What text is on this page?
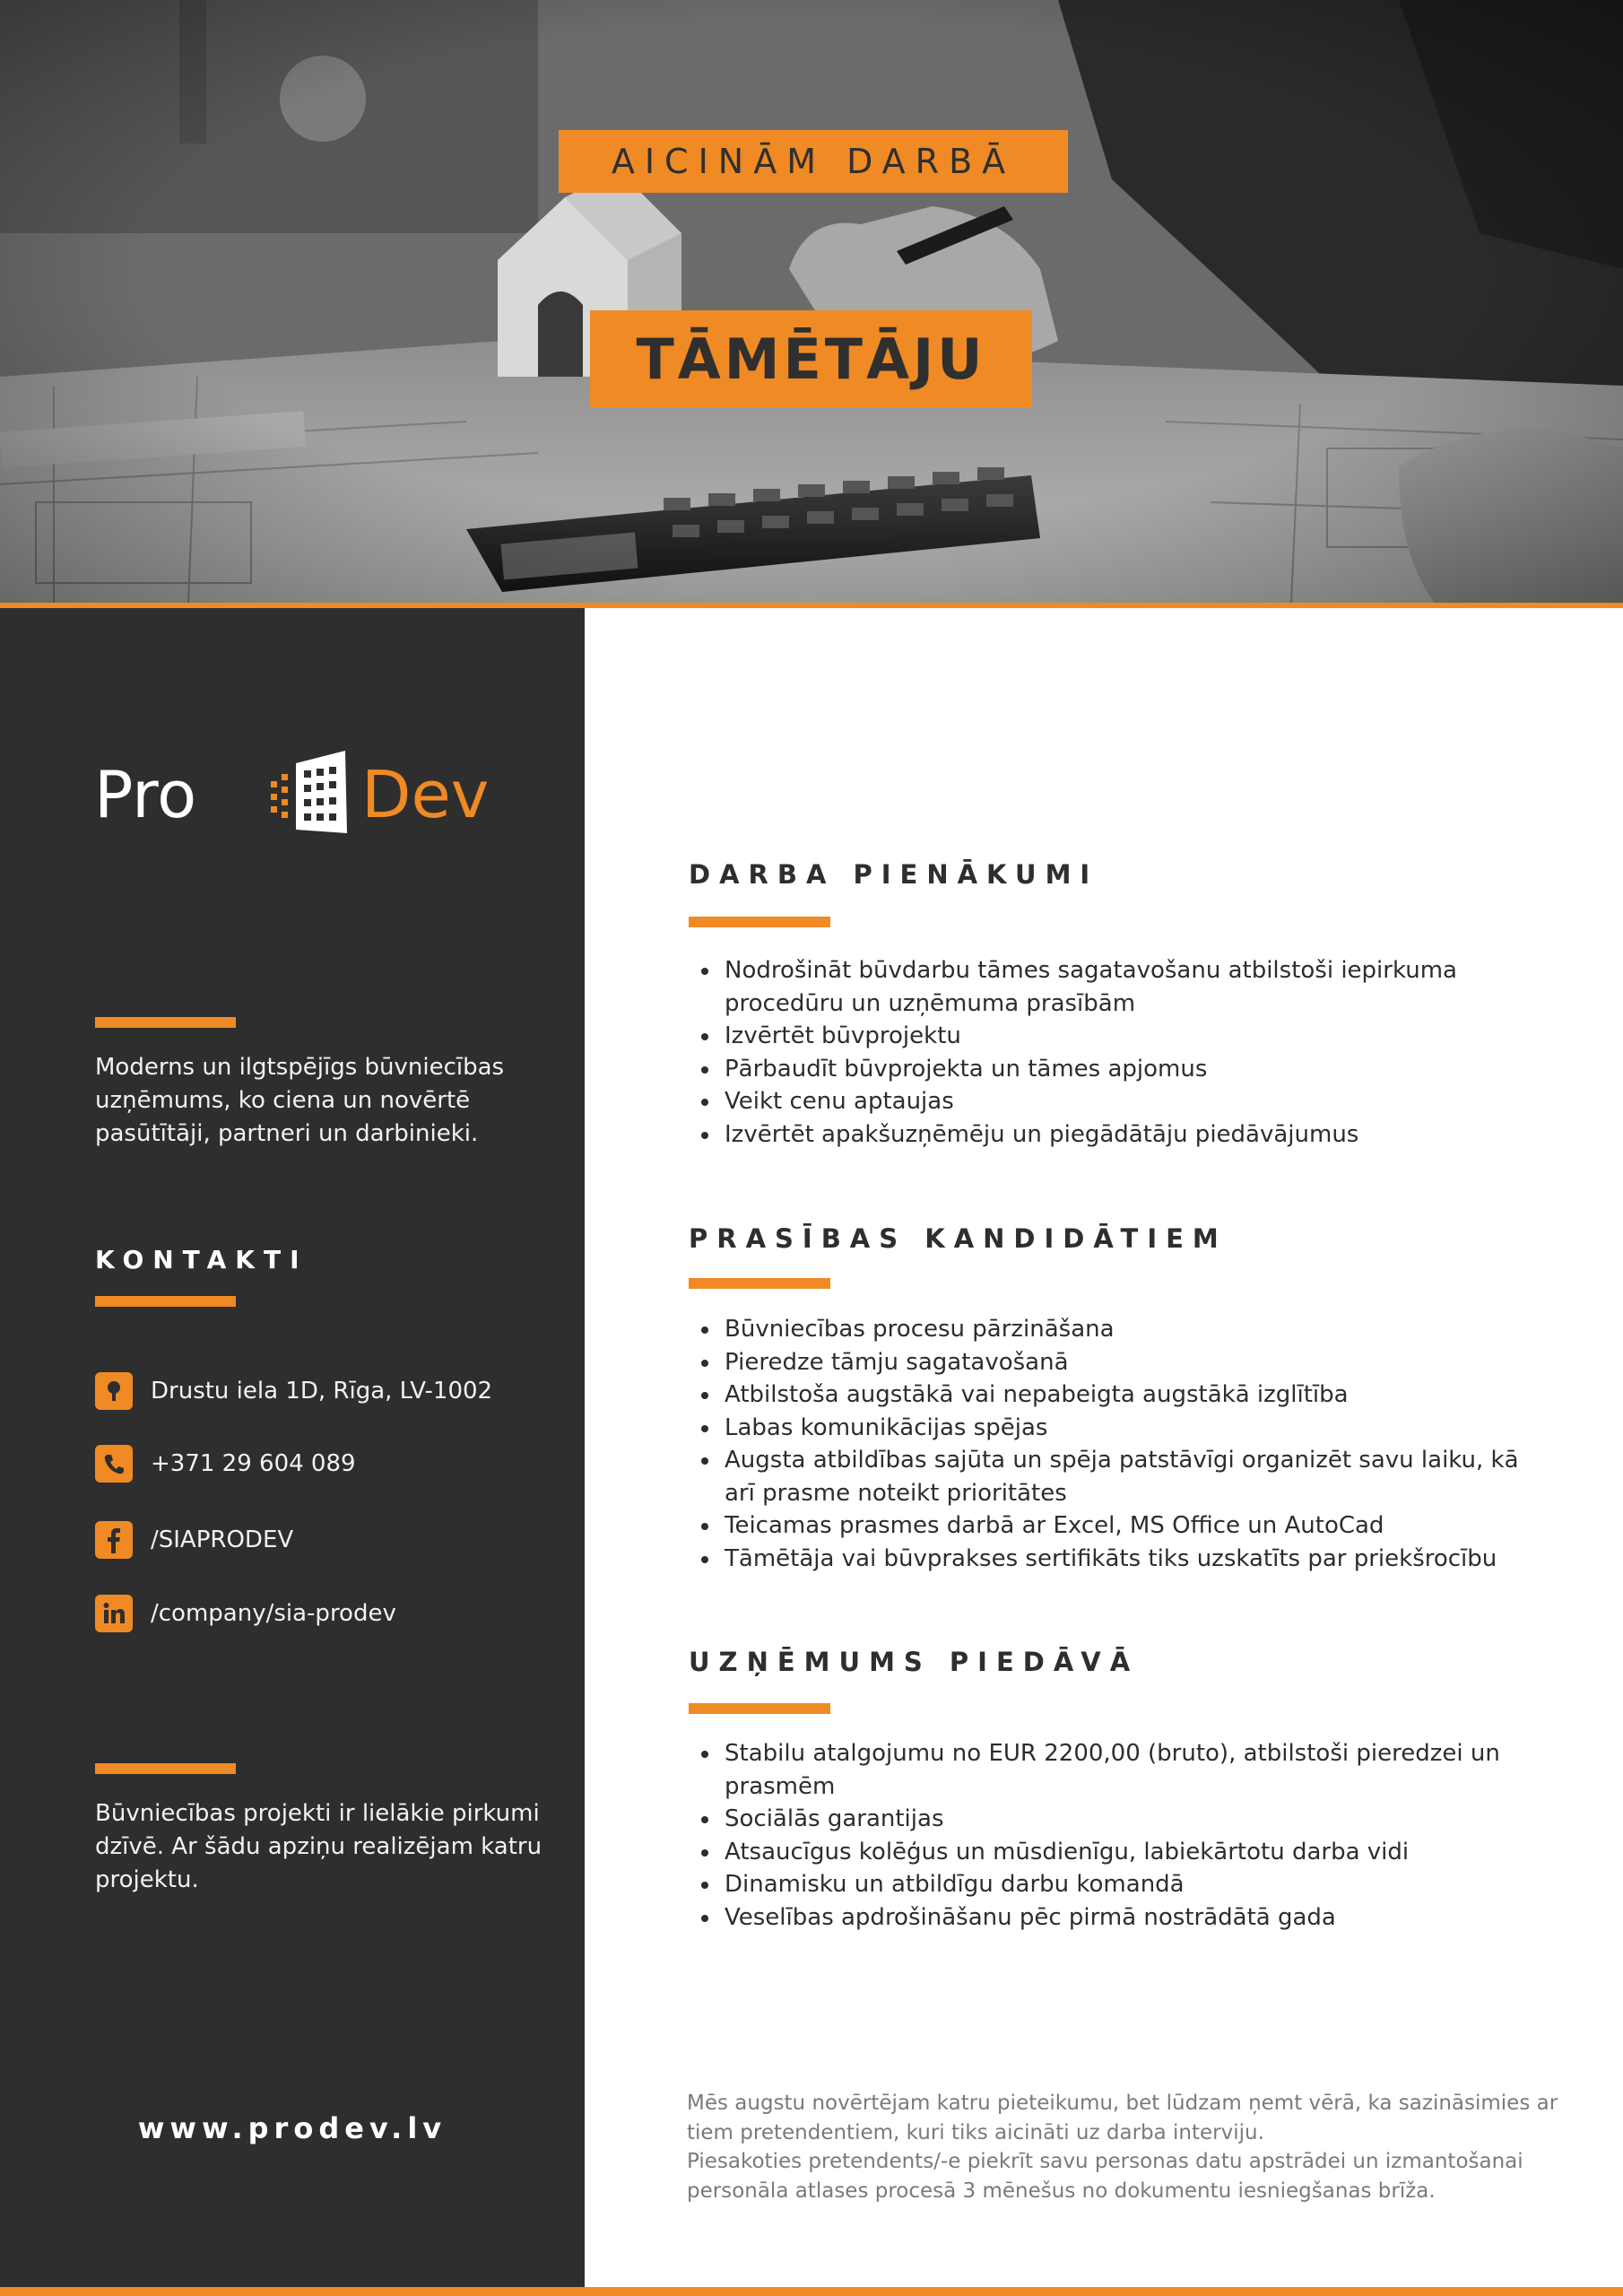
AICINĀM DARBĀ
TĀMĒTĀJU
Pro	Dev
Moderns un ilgtspējīgs būvniecības uzņēmums, ko ciena un novērtē pasūtītāji, partneri un darbinieki.
KONTAKTI
Drustu iela 1D, Rīga, LV-1002
+371 29 604 089
/SIAPRODEV
/company/sia-prodev
Būvniecības projekti ir lielākie pirkumi dzīvē. Ar šādu apziņu realizējam katru projektu.
www.prodev.lv
DARBA PIENĀKUMI
• Nodrošināt būvdarbu tāmes sagatavošanu atbilstoši iepirkuma procedūru un uzņēmuma prasībām
• Izvērtēt būvprojektu
• Pārbaudīt būvprojekta un tāmes apjomus
• Veikt cenu aptaujas
• Izvērtēt apakšuzņēmēju un piegādātāju piedāvājumus
PRASĪBAS KANDIDĀTIEM
• Būvniecības procesu pārzināšana
• Pieredze tāmju sagatavošanā
• Atbilstoša augstākā vai nepabeigta augstākā izglītība
• Labas komunikācijas spējas
• Augsta atbildības sajūta un spēja patstāvīgi organizēt savu laiku, kā arī prasme noteikt prioritātes
• Teicamas prasmes darbā ar Excel, MS Office un AutoCad
• Tāmētāja vai būvprakses sertifikāts tiks uzskatīts par priekšrocību
UZŅĒMUMS PIEDĀVĀ
• Stabilu atalgojumu no EUR 2200,00 (bruto), atbilstoši pieredzei un prasmēm
• Sociālās garantijas
• Atsaucīgus kolēģus un mūsdienīgu, labiekārtotu darba vidi
• Dinamisku un atbildīgu darbu komandā
• Veselības apdrošināšanu pēc pirmā nostrādātā gada

Mēs augstu novērtējam katru pieteikumu, bet lūdzam ņemt vērā, ka sazināsimies ar tiem pretendentiem, kuri tiks aicināti uz darba interviju.

Piesakoties pretendents/-e piekrīt savu personas datu apstrādei un izmantošanai personāla atlases procesā 3 mēnešus no dokumentu iesniegšanas brīža.
